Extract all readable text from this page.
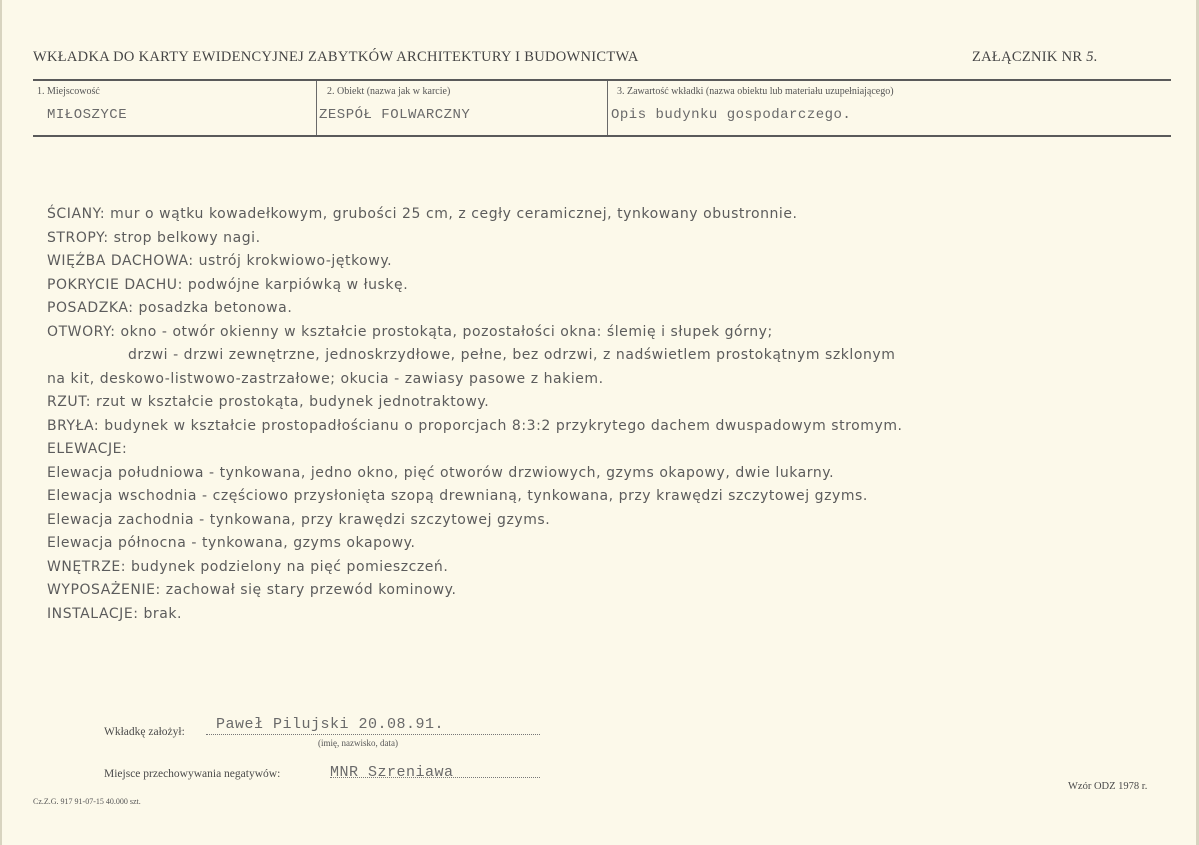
WKŁADKA DO KARTY EWIDENCYJNEJ ZABYTKÓW ARCHITEKTURY I BUDOWNICTWA	ZAŁĄCZNIK NR 5.
1. Miejscowość
MIŁOSZYCE
2. Obiekt (nazwa jak w karcie)
ZESPÓŁ FOLWARCZNY
3. Zawartość wkładki (nazwa obiektu lub materiału uzupełniającego)
Opis budynku gospodarczego.
ŚCIANY: mur o wątku kowadełkowym, grubości 25 cm, z cegły ceramicznej, tynkowany obustronnie.
STROPY: strop belkowy nagi.
WIĘŹBA DACHOWA: ustrój krokwiowo-jętkowy.
POKRYCIE DACHU: podwójne karpiówką w łuskę.
POSADZKA: posadzka betonowa.
OTWORY: okno - otwór okienny w kształcie prostokąta, pozostałości okna: ślemię i słupek górny;
drzwi - drzwi zewnętrzne, jednoskrzydłowe, pełne, bez odrzwi, z nadświetlem prostokątnym szklonym
na kit, deskowo-listwowo-zastrzałowe; okucia - zawiasy pasowe z hakiem.
RZUT: rzut w kształcie prostokąta, budynek jednotraktowy.
BRYŁA: budynek w kształcie prostopadłościanu o proporcjach 8:3:2 przykrytego dachem dwuspadowym stromym.
ELEWACJE:
Elewacja południowa - tynkowana, jedno okno, pięć otworów drzwiowych, gzyms okapowy, dwie lukarny.
Elewacja wschodnia - częściowo przysłonięta szopą drewnianą, tynkowana, przy krawędzi szczytowej gzyms.
Elewacja zachodnia - tynkowana, przy krawędzi szczytowej gzyms.
Elewacja północna - tynkowana, gzyms okapowy.
WNĘTRZE: budynek podzielony na pięć pomieszczeń.
WYPOSAŻENIE: zachował się stary przewód kominowy.
INSTALACJE: brak.
Wkładkę założył: Paweł Pilujski 20.08.91.
(imię, nazwisko, data)
Miejsce przechowywania negatywów:	MNR Szreniawa
Cz.Z.G. 917 91-07-15 40.000 szt.
Wzór ODZ 1978 r.
